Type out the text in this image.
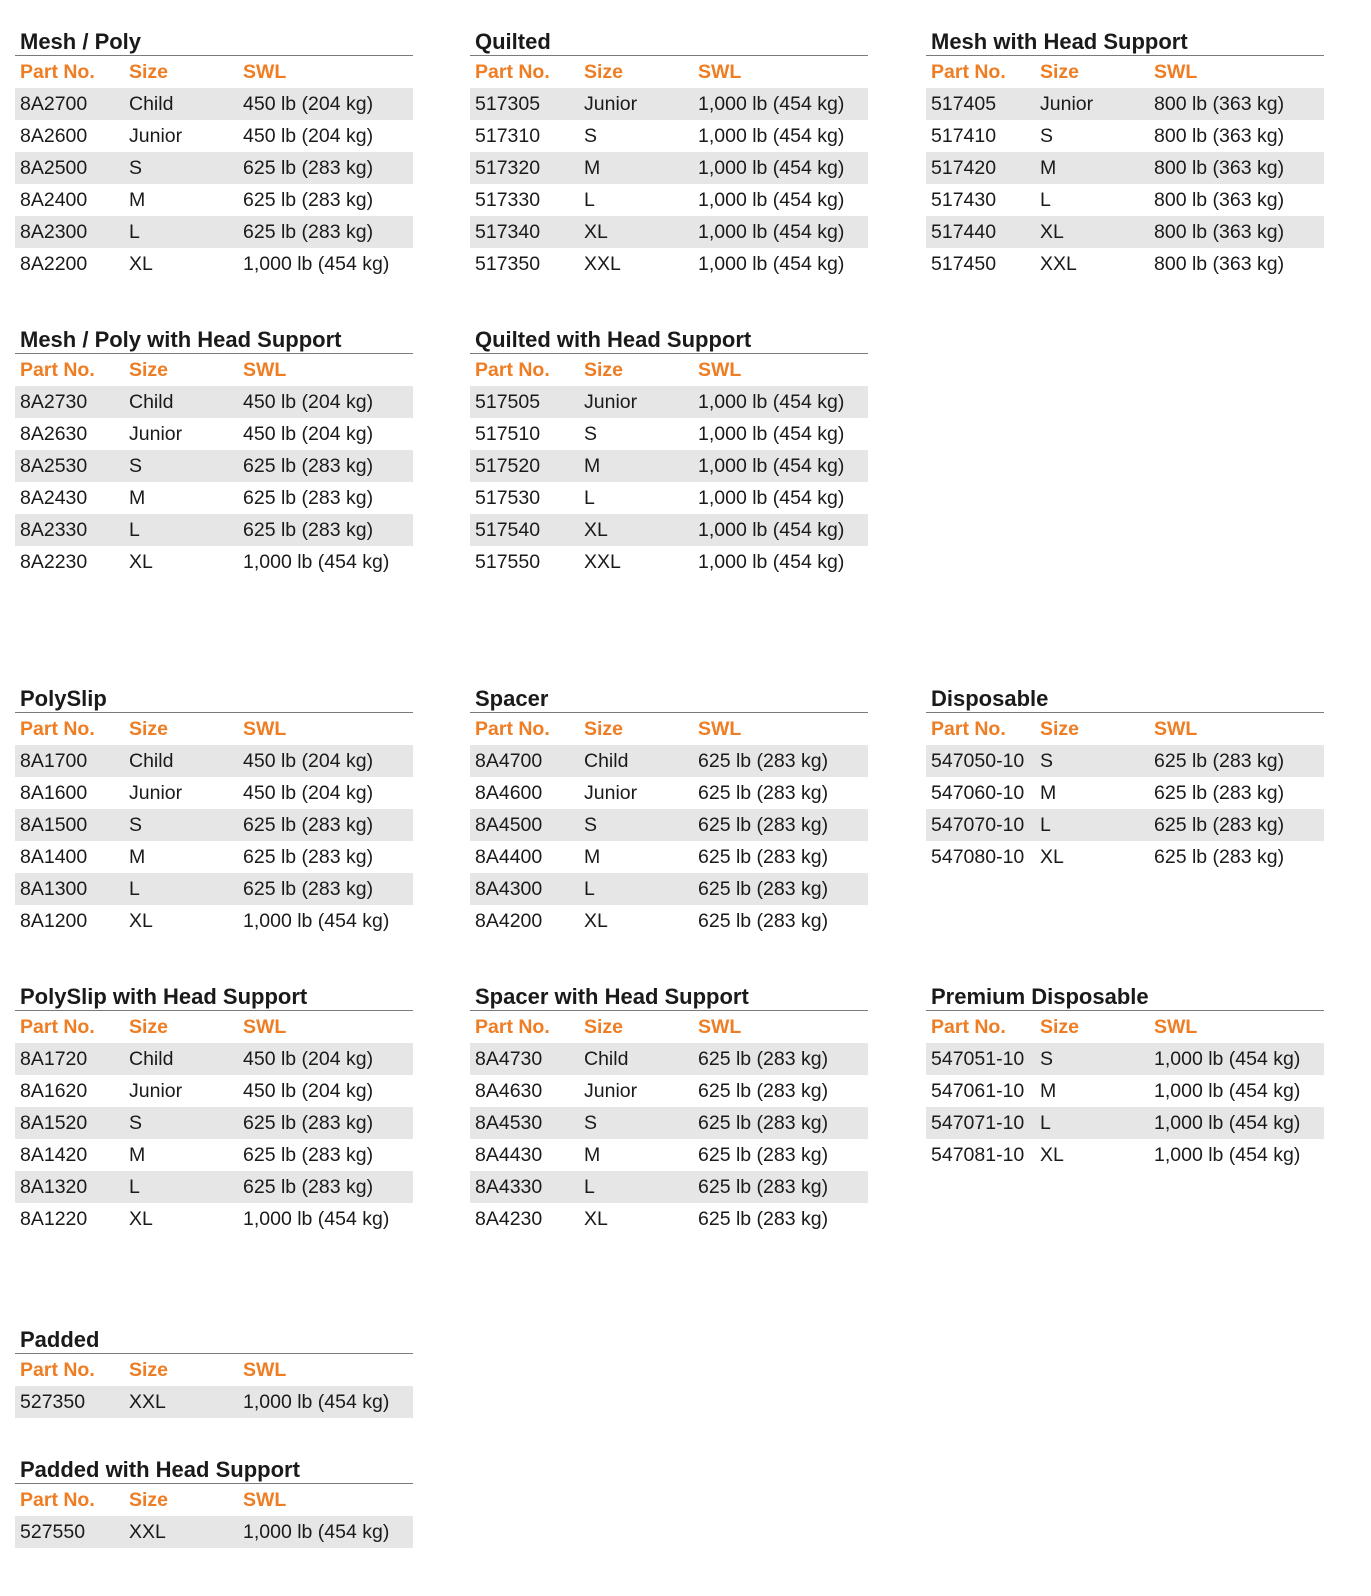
Mesh / Poly
Part No. Size	SWL
8A2700 Child	450 lb (204 kg)
8A2600 Junior	450 lb (204 kg)
8A2500 S	625 lb (283 kg)
8A2400 M	625 lb (283 kg)
8A2300 L	625 lb (283 kg)
8A2200 XL	1,000 lb (454 kg)
Quilted
Part No. Size	SWL
517305 Junior	1,000 lb (454 kg)
517310 S	1,000 lb (454 kg)
517320 M	1,000 lb (454 kg)
517330 L	1,000 lb (454 kg)
517340 XL	1,000 lb (454 kg)
517350 XXL	1,000 lb (454 kg)
Mesh with Head Support
Part No. Size	SWL
517405 Junior	800 lb (363 kg)
517410 S	800 lb (363 kg)
517420 M	800 lb (363 kg)
517430 L	800 lb (363 kg)
517440 XL	800 lb (363 kg)
517450 XXL	800 lb (363 kg)
Mesh / Poly with Head Support
Part No. Size	SWL
8A2730 Child	450 lb (204 kg)
8A2630 Junior	450 lb (204 kg)
8A2530 S	625 lb (283 kg)
8A2430 M	625 lb (283 kg)
8A2330 L	625 lb (283 kg)
8A2230 XL	1,000 lb (454 kg)
Quilted with Head Support
Part No. Size	SWL
517505 Junior	1,000 lb (454 kg)
517510 S	1,000 lb (454 kg)
517520 M	1,000 lb (454 kg)
517530 L	1,000 lb (454 kg)
517540 XL	1,000 lb (454 kg)
517550 XXL	1,000 lb (454 kg)
PolySlip
Part No. Size	SWL
8A1700 Child	450 lb (204 kg)
8A1600 Junior	450 lb (204 kg)
8A1500 S	625 lb (283 kg)
8A1400 M	625 lb (283 kg)
8A1300 L	625 lb (283 kg)
8A1200 XL	1,000 lb (454 kg)
Spacer
Part No. Size	SWL
8A4700 Child	625 lb (283 kg)
8A4600 Junior	625 lb (283 kg)
8A4500 S	625 lb (283 kg)
8A4400 M	625 lb (283 kg)
8A4300 L	625 lb (283 kg)
8A4200 XL	625 lb (283 kg)
Disposable
Part No. Size	SWL
547050-10 S	625 lb (283 kg)
547060-10 M	625 lb (283 kg)
547070-10 L	625 lb (283 kg)
547080-10 XL	625 lb (283 kg)
PolySlip with Head Support
Part No. Size	SWL
8A1720 Child	450 lb (204 kg)
8A1620 Junior	450 lb (204 kg)
8A1520 S	625 lb (283 kg)
8A1420 M	625 lb (283 kg)
8A1320 L	625 lb (283 kg)
8A1220 XL	1,000 lb (454 kg)
Spacer with Head Support
Part No. Size	SWL
8A4730 Child	625 lb (283 kg)
8A4630 Junior	625 lb (283 kg)
8A4530 S	625 lb (283 kg)
8A4430 M	625 lb (283 kg)
8A4330 L	625 lb (283 kg)
8A4230 XL	625 lb (283 kg)
Premium Disposable
Part No. Size	SWL
547051-10 S	1,000 lb (454 kg)
547061-10 M	1,000 lb (454 kg)
547071-10 L	1,000 lb (454 kg)
547081-10 XL	1,000 lb (454 kg)
Padded
Part No. Size	SWL
527350 XXL	1,000 lb (454 kg)
Padded with Head Support
Part No. Size	SWL
527550 XXL	1,000 lb (454 kg)
